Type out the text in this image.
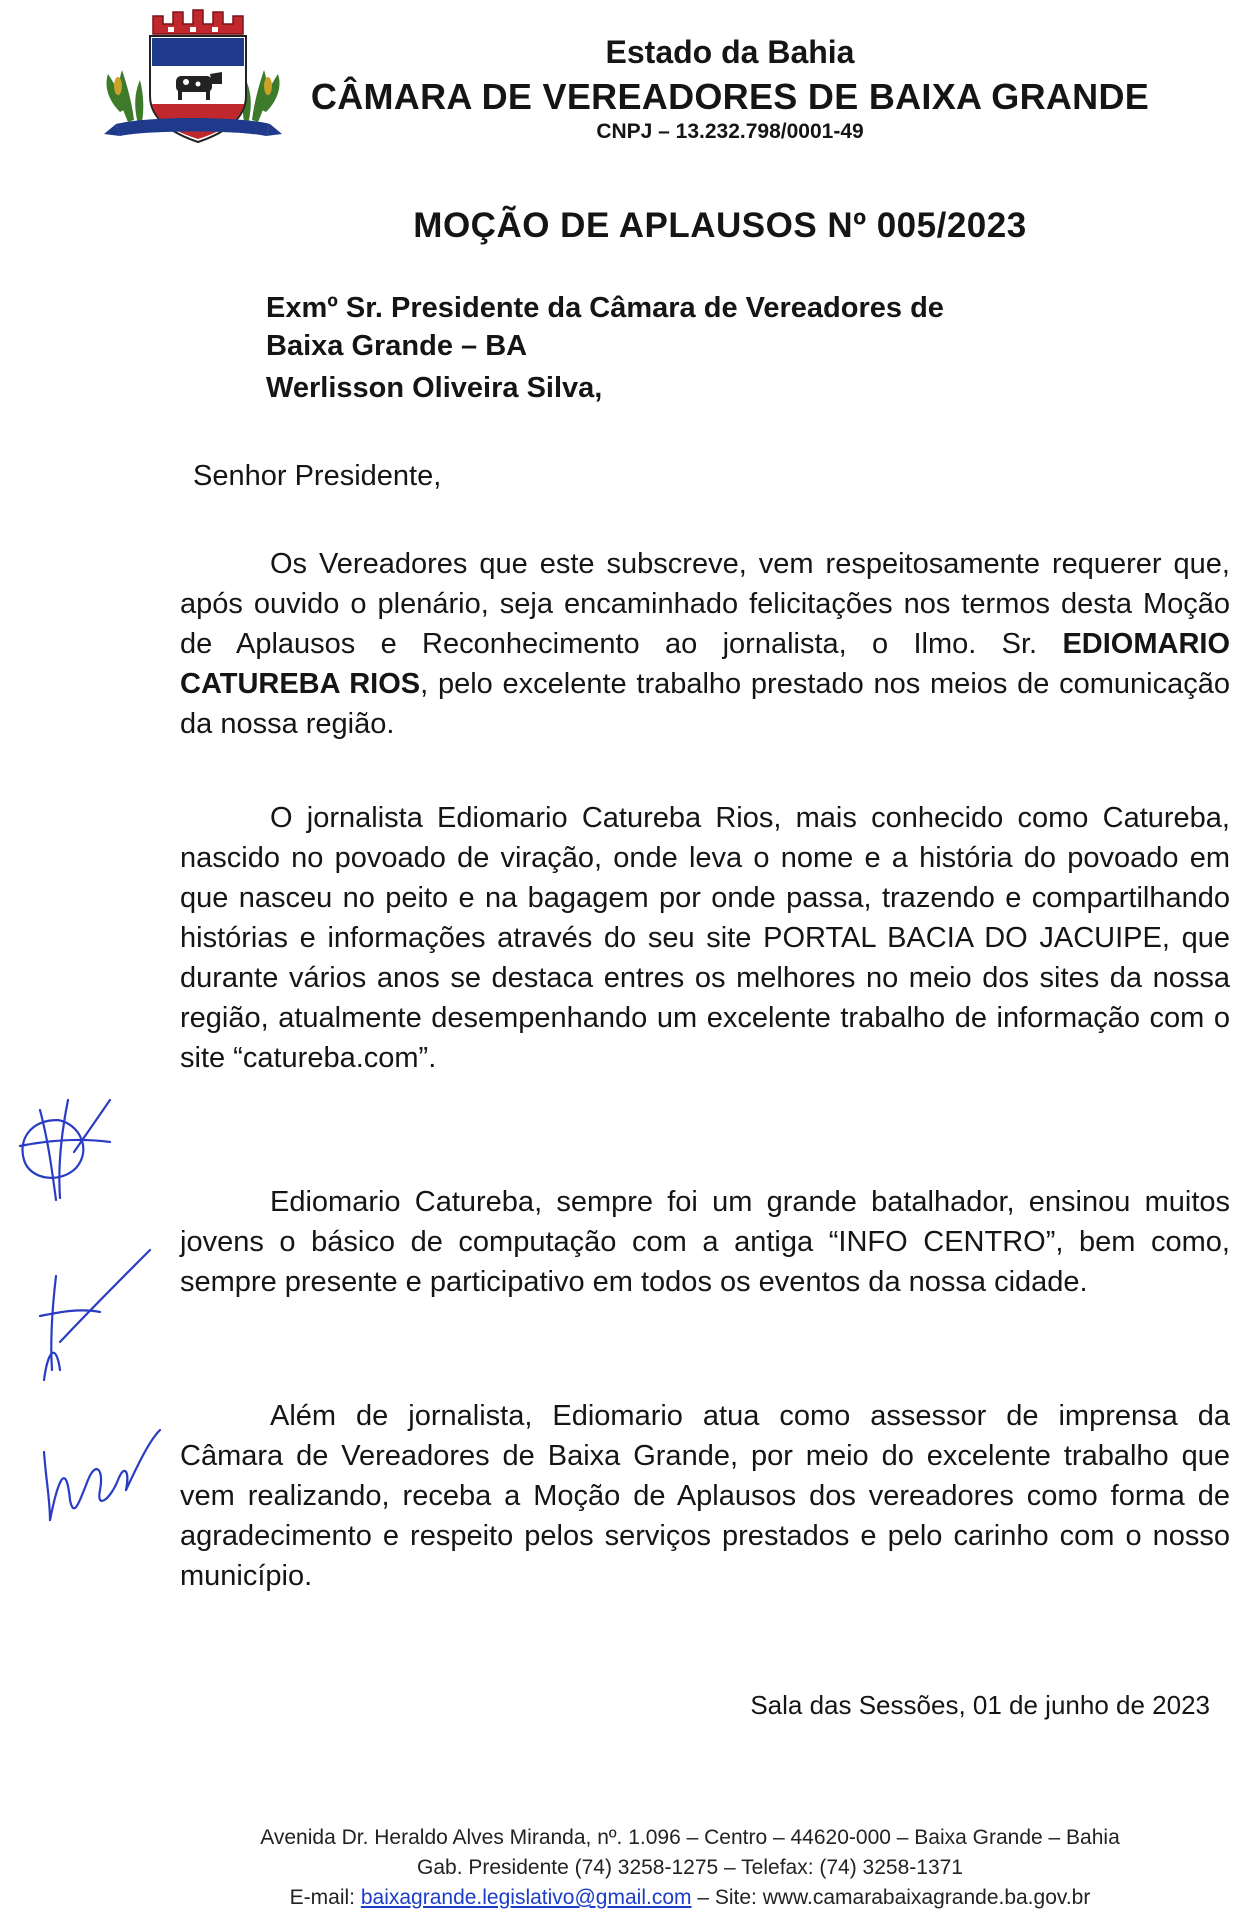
Estado da Bahia
CÂMARA DE VEREADORES DE BAIXA GRANDE
CNPJ – 13.232.798/0001-49
MOÇÃO DE APLAUSOS Nº 005/2023
Exmº Sr. Presidente da Câmara de Vereadores de
Baixa Grande – BA
Werlisson Oliveira Silva,
Senhor Presidente,

Os Vereadores que este subscreve, vem respeitosamente requerer que, após ouvido o plenário, seja encaminhado felicitações nos termos desta Moção de Aplausos e Reconhecimento ao jornalista, o Ilmo. Sr. EDIOMARIO CATUREBA RIOS, pelo excelente trabalho prestado nos meios de comunicação da nossa região.

O jornalista Ediomario Catureba Rios, mais conhecido como Catureba, nascido no povoado de viração, onde leva o nome e a história do povoado em que nasceu no peito e na bagagem por onde passa, trazendo e compartilhando histórias e informações através do seu site PORTAL BACIA DO JACUIPE, que durante vários anos se destaca entres os melhores no meio dos sites da nossa região, atualmente desempenhando um excelente trabalho de informação com o site “catureba.com”.

Ediomario Catureba, sempre foi um grande batalhador, ensinou muitos jovens o básico de computação com a antiga “INFO CENTRO”, bem como, sempre presente e participativo em todos os eventos da nossa cidade.

Além de jornalista, Ediomario atua como assessor de imprensa da Câmara de Vereadores de Baixa Grande, por meio do excelente trabalho que vem realizando, receba a Moção de Aplausos dos vereadores como forma de agradecimento e respeito pelos serviços prestados e pelo carinho com o nosso município.

Sala das Sessões, 01 de junho de 2023
Avenida Dr. Heraldo Alves Miranda, nº. 1.096 – Centro – 44620-000 – Baixa Grande – Bahia
Gab. Presidente (74) 3258-1275 – Telefax: (74) 3258-1371
E-mail: baixagrande.legislativo@gmail.com – Site: www.camarabaixagrande.ba.gov.br
